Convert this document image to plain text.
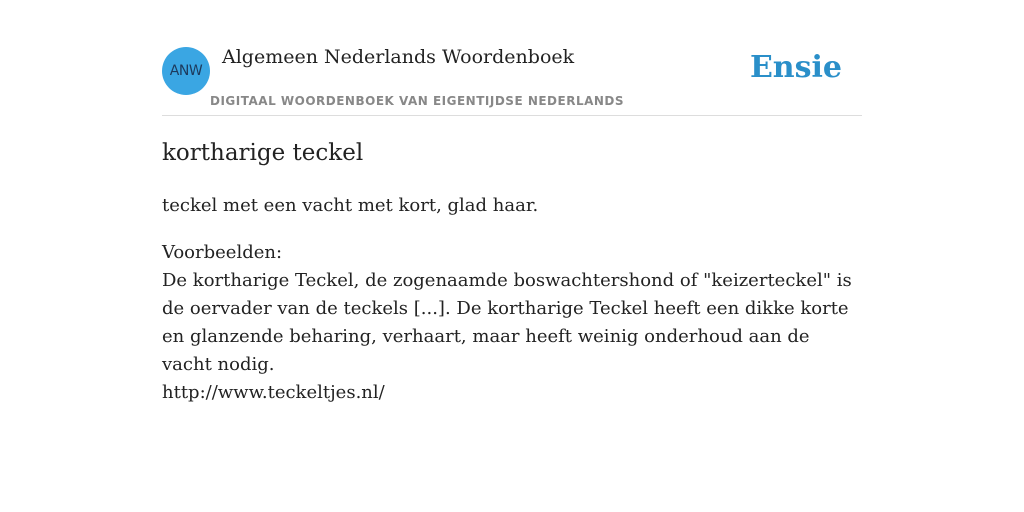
ANW
Algemeen Nederlands Woordenboek
DIGITAAL WOORDENBOEK VAN EIGENTIJDSE NEDERLANDS
Ensie
kortharige teckel
teckel met een vacht met kort, glad haar.
Voorbeelden:
De kortharige Teckel, de zogenaamde boswachtershond of "keizerteckel" is de oervader van de teckels [...]. De kortharige Teckel heeft een dikke korte en glanzende beharing, verhaart, maar heeft weinig onderhoud aan de vacht nodig.
http://www.teckeltjes.nl/
